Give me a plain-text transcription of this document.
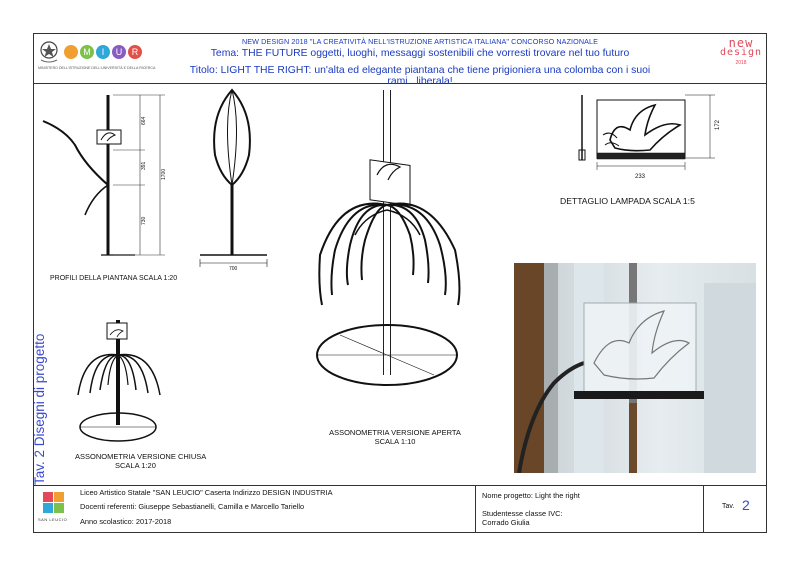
M	I	U	R
MINISTERO DELL'ISTRUZIONE DELL'UNIVERSITÀ E DELLA RICERCA
NEW DESIGN 2018 "LA CREATIVITÀ NELL'ISTRUZIONE ARTISTICA ITALIANA" CONCORSO NAZIONALE
Tema: THE FUTURE oggetti, luoghi, messaggi sostenibili che vorresti trovare nel tuo futuro
Titolo: LIGHT THE RIGHT: un'alta ed elegante piantana che tiene prigioniera una colomba con i suoi rami...liberala!
new
design
2018
Tav. 2 Disegni di progetto
664
391
730
1700
700
PROFILI DELLA PIANTANA SCALA 1:20
ASSONOMETRIA VERSIONE APERTA
SCALA 1:10
ASSONOMETRIA VERSIONE CHIUSA
SCALA 1:20
233
172
DETTAGLIO LAMPADA SCALA 1:5
SAN LEUCIO
Liceo Artistico Statale "SAN LEUCIO" Caserta Indirizzo DESIGN INDUSTRIA
Docenti referenti: Giuseppe Sebastianelli, Camilla e Marcello Tariello
Anno scolastico: 2017-2018
Nome progetto: Light the right
Studentesse classe IVC:
Corrado Giulia
Tav. 2
